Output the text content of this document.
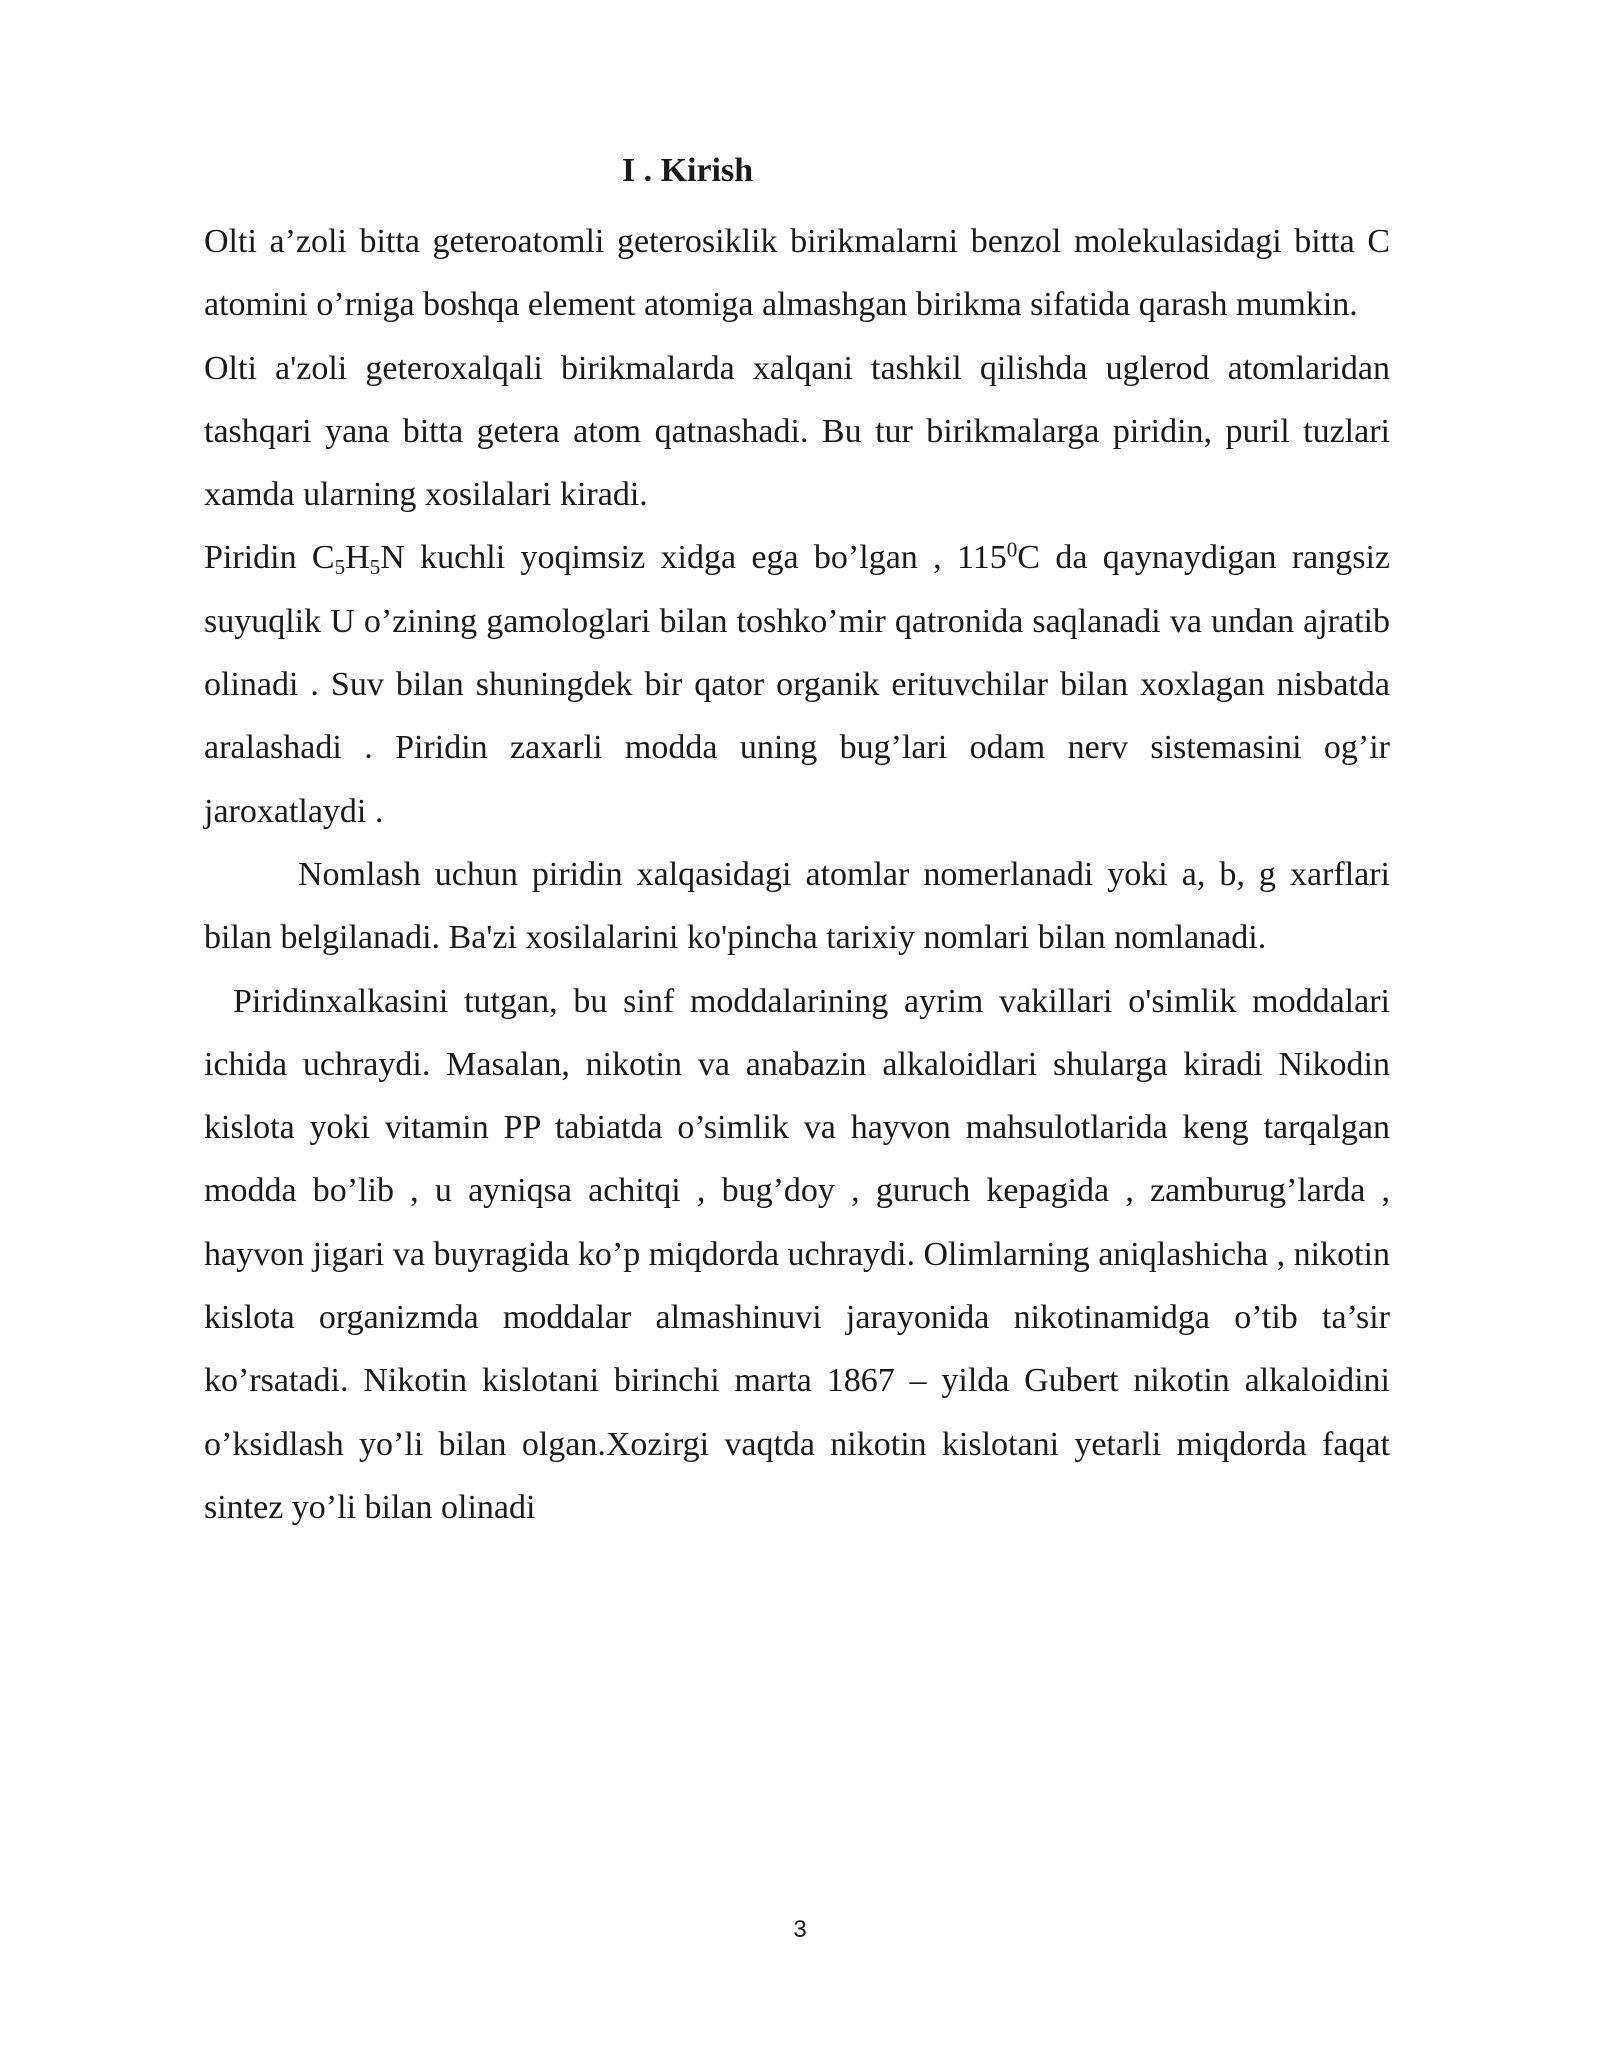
I . Kirish

Olti a’zoli bitta geteroatomli geterosiklik birikmalarni benzol molekulasidagi bitta C atomini o’rniga boshqa element atomiga almashgan birikma sifatida qarash mumkin.

Olti a'zoli geteroxalqali birikmalarda xalqani tashkil qilishda uglerod atomlaridan tashqari yana bitta getera atom qatnashadi. Bu tur birikmalarga piridin, puril tuzlari xamda ularning xosilalari kiradi.

Piridin $C_5H_5N$ kuchli yoqimsiz xidga ega bo’lgan , $115^0C$ da qaynaydigan rangsiz suyuqlik U o’zining gamologlari bilan toshko’mir qatronida saqlanadi va undan ajratib olinadi . Suv bilan shuningdek bir qator organik erituvchilar bilan xoxlagan nisbatda aralashadi . Piridin zaxarli modda uning bug’lari odam nerv sistemasini og’ir jaroxatlaydi .

Nomlash uchun piridin xalqasidagi atomlar nomerlanadi yoki a, b, g xarflari bilan belgilanadi. Ba'zi xosilalarini ko'pincha tarixiy nomlari bilan nomlanadi.

Piridinxalkasini tutgan, bu sinf moddalarining ayrim vakillari o'simlik moddalari ichida uchraydi. Masalan, nikotin va anabazin alkaloidlari shularga kiradi Nikodin kislota yoki vitamin PP tabiatda o’simlik va hayvon mahsulotlarida keng tarqalgan modda bo’lib , u ayniqsa achitqi , bug’doy , guruch kepagida , zamburug’larda , hayvon jigari va buyragida ko’p miqdorda uchraydi. Olimlarning aniqlashicha , nikotin kislota organizmda moddalar almashinuvi jarayonida nikotinamidga o’tib ta’sir ko’rsatadi. Nikotin kislotani birinchi marta 1867 – yilda Gubert nikotin alkaloidini o’ksidlash yo’li bilan olgan.Xozirgi vaqtda nikotin kislotani yetarli miqdorda faqat sintez yo’li bilan olinadi

3
